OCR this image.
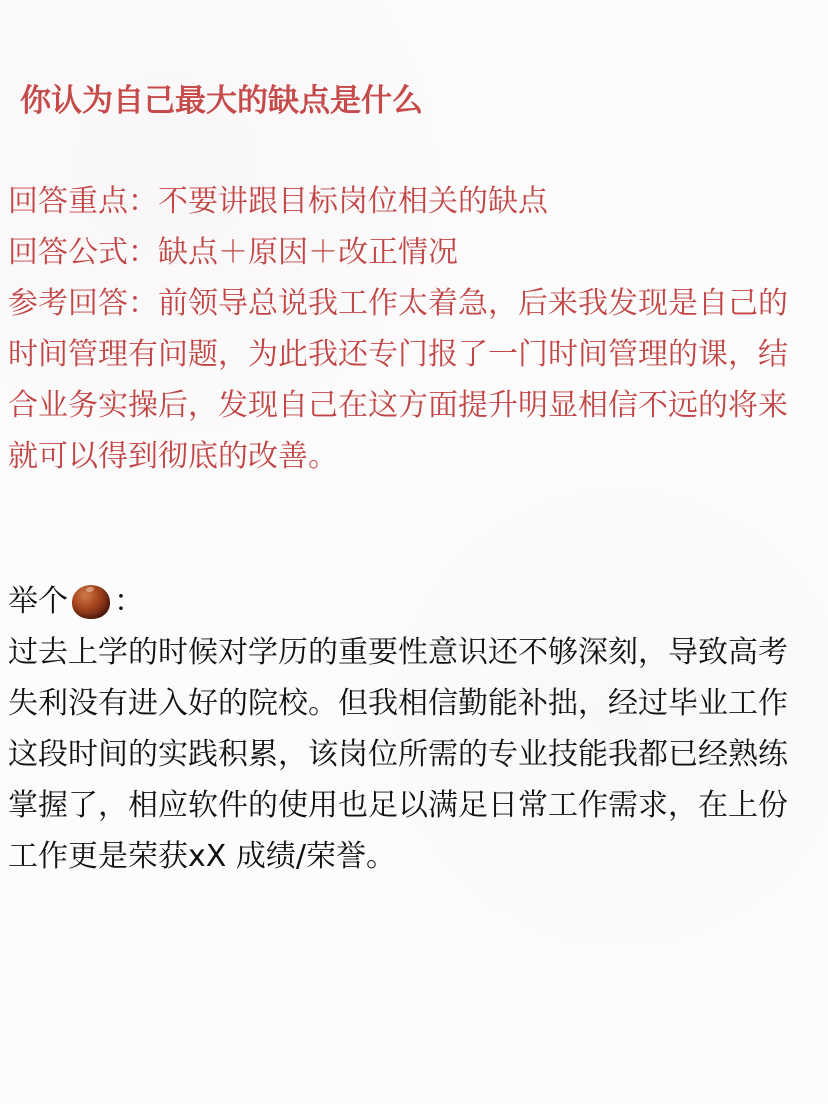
你认为自己最大的缺点是什么
回答重点：不要讲跟目标岗位相关的缺点
回答公式：缺点＋原因＋改正情况
参考回答：前领导总说我工作太着急，后来我发现是自己的
时间管理有问题，为此我还专门报了一门时间管理的课，结
合业务实操后，发现自己在这方面提升明显相信不远的将来
就可以得到彻底的改善。
举个 ：
过去上学的时候对学历的重要性意识还不够深刻，导致高考
失利没有进入好的院校。但我相信勤能补拙，经过毕业工作
这段时间的实践积累，该岗位所需的专业技能我都已经熟练
掌握了，相应软件的使用也足以满足日常工作需求，在上份
工作更是荣获xX 成绩/荣誉。
